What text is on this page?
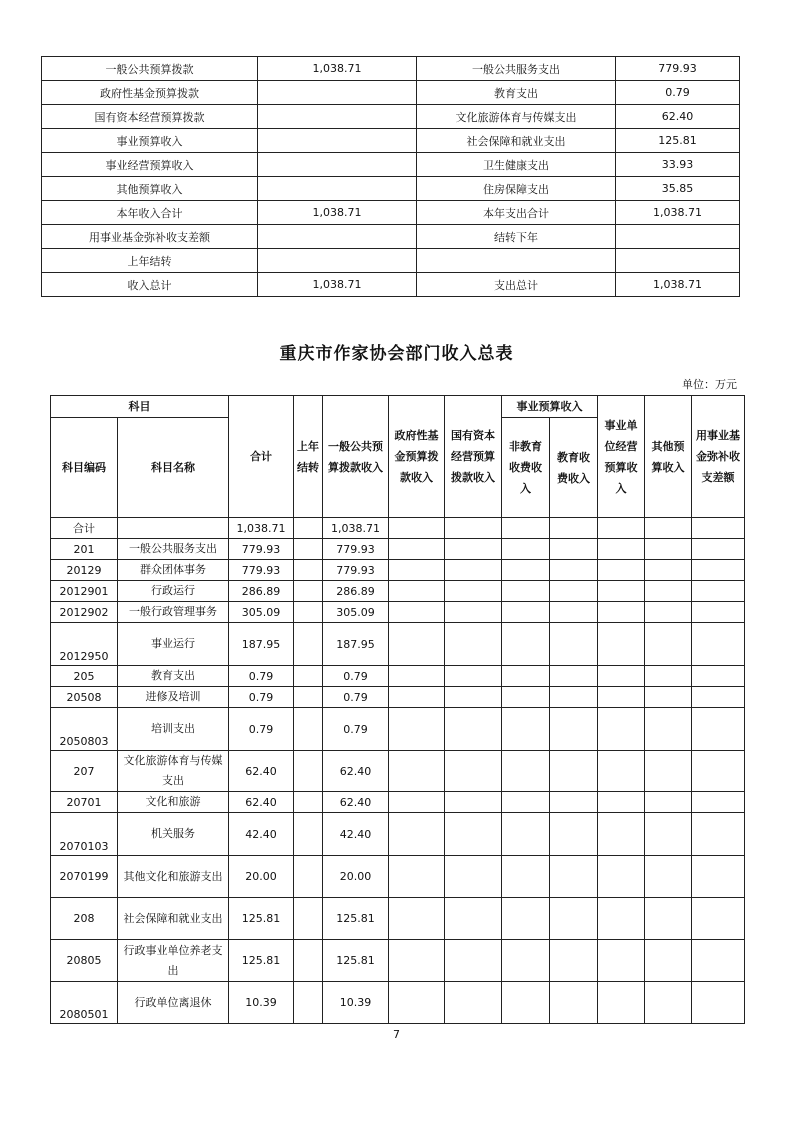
一般公共预算拨款	1,038.71	一般公共服务支出	779.93
政府性基金预算拨款		教育支出	0.79
国有资本经营预算拨款		文化旅游体育与传媒支出	62.40
事业预算收入		社会保障和就业支出	125.81
事业经营预算收入		卫生健康支出	33.93
其他预算收入		住房保障支出	35.85
本年收入合计	1,038.71	本年支出合计	1,038.71
用事业基金弥补收支差额		结转下年	
上年结转			
收入总计	1,038.71	支出总计	1,038.71
重庆市作家协会部门收入总表
单位：万元
科目		合计	上年结转	一般公共预算拨款收入	政府性基金预算拨款收入	国有资本经营预算拨款收入	事业预算收入		事业单位经营预算收入	其他预算收入	用事业基金弥补收支差额
科目编码	科目名称						非教育收费收入	教育收费收入			
合计		1,038.71		1,038.71							
201	一般公共服务支出	779.93		779.93							
20129	群众团体事务	779.93		779.93							
2012901	行政运行	286.89		286.89							
2012902	一般行政管理事务	305.09		305.09							
2012950	事业运行	187.95		187.95							
205	教育支出	0.79		0.79							
20508	进修及培训	0.79		0.79							
2050803	培训支出	0.79		0.79							
207	文化旅游体育与传媒支出	62.40		62.40							
20701	文化和旅游	62.40		62.40							
2070103	机关服务	42.40		42.40							
2070199	其他文化和旅游支出	20.00		20.00							
208	社会保障和就业支出	125.81		125.81							
20805	行政事业单位养老支出	125.81		125.81							
2080501	行政单位离退休	10.39		10.39							
7
